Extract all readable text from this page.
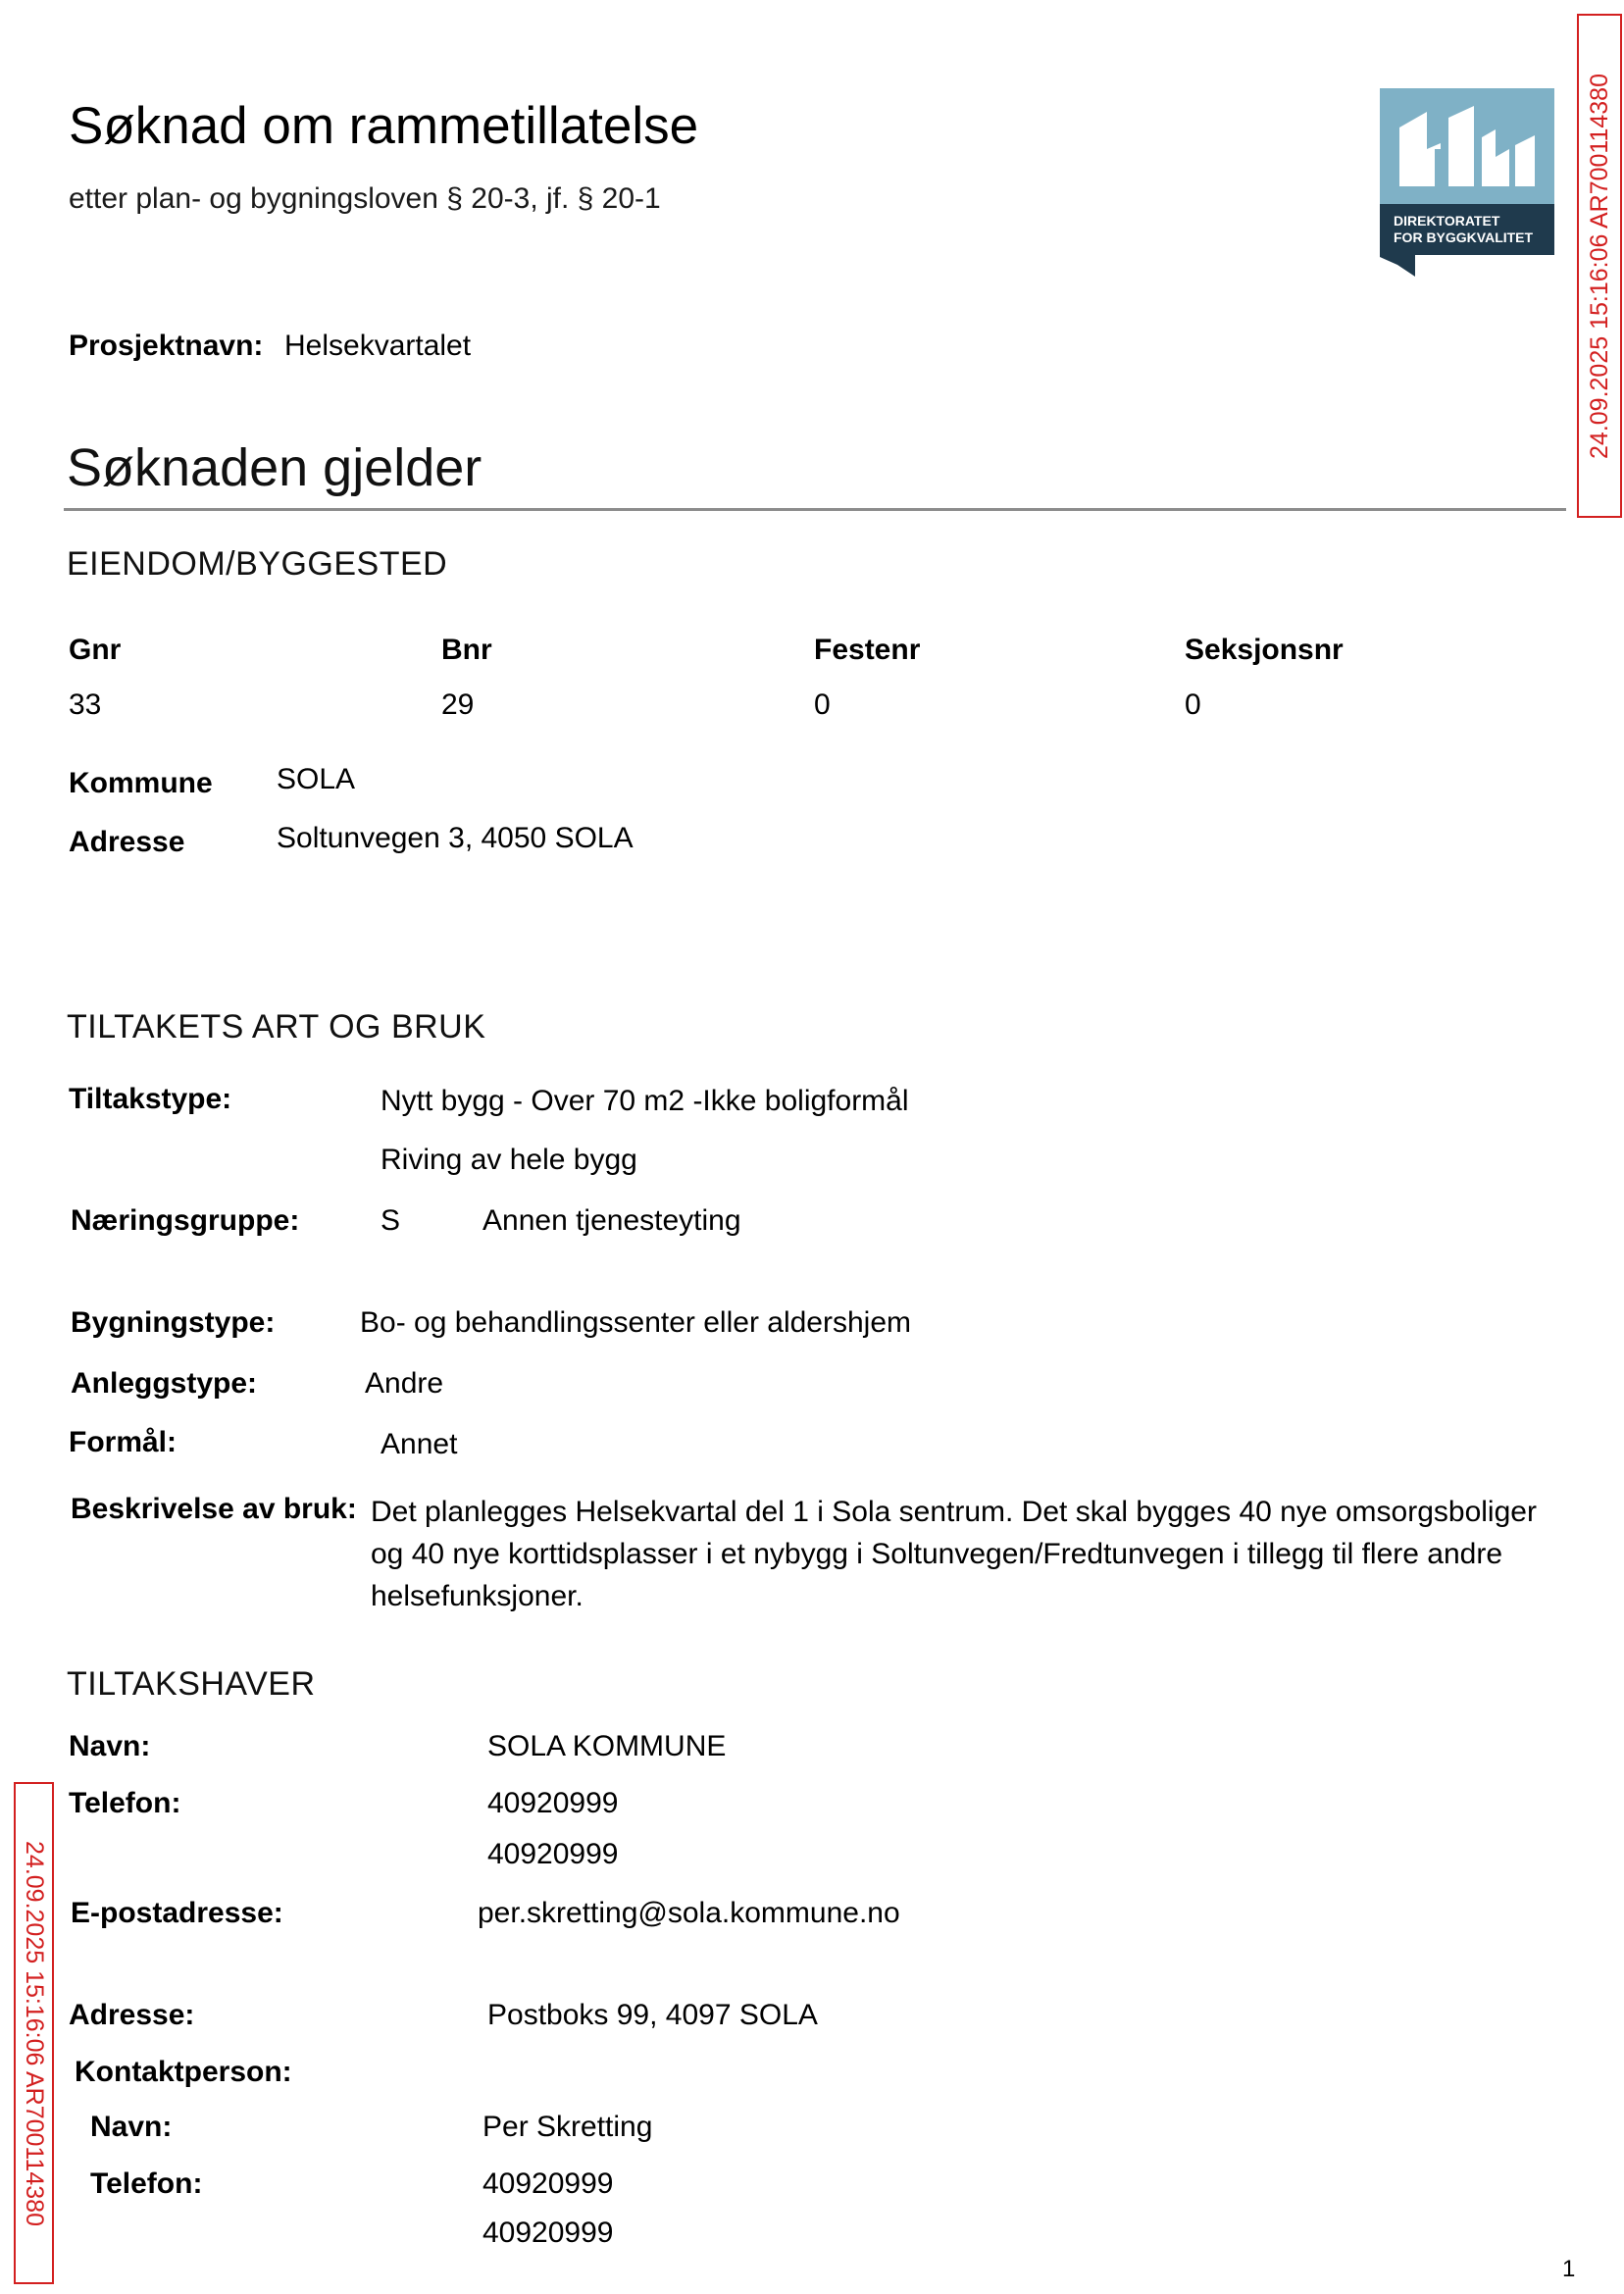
Søknad om rammetillatelse
etter plan- og bygningsloven § 20-3, jf. § 20-1
DIREKTORATET
FOR BYGGKVALITET 24.09.2025 15:16:06 AR700114380
Prosjektnavn: Helsekvartalet
Søknaden gjelder
EIENDOM/BYGGESTED
Gnr	Bnr	Festenr	Seksjonsnr
33	29	0	0
Kommune SOLA
Adresse	Soltunvegen 3, 4050 SOLA
TILTAKETS ART OG BRUK
Tiltakstype:	Nytt bygg - Over 70 m2 -Ikke boligformål
Riving av hele bygg
Næringsgruppe:	S	Annen tjenesteyting
Bygningstype:	Bo- og behandlingssenter eller aldershjem
Anleggstype:	Andre
Formål:	Annet
Beskrivelse av bruk: Det planlegges Helsekvartal del 1 i Sola sentrum. Det skal bygges 40 nye omsorgsboliger og 40 nye korttidsplasser i et nybygg i Soltunvegen/Fredtunvegen i tillegg til flere andre helsefunksjoner.
TILTAKSHAVER
Navn:	SOLA KOMMUNE
Telefon:	40920999
40920999
E-postadresse:	per.skretting@sola.kommune.no
Adresse:	Postboks 99, 4097 SOLA
Kontaktperson:
Navn:	Per Skretting
Telefon:	40920999
40920999
24.09.2025 15:16:06 AR700114380
1
